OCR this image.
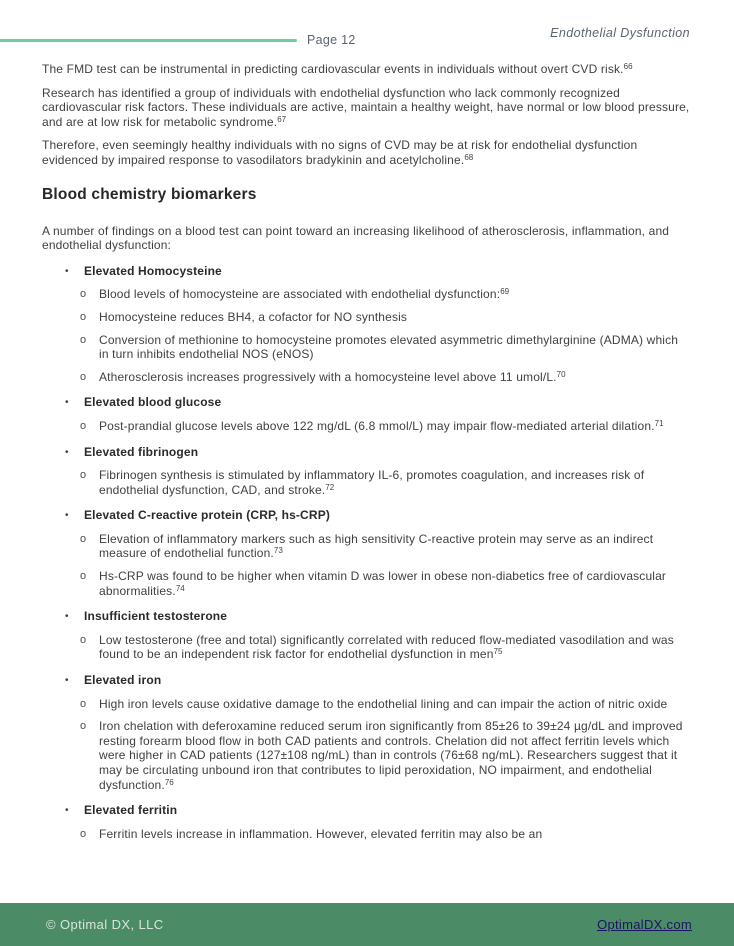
Page 12	Endothelial Dysfunction

The FMD test can be instrumental in predicting cardiovascular events in individuals without overt CVD risk.$^{66}$

Research has identified a group of individuals with endothelial dysfunction who lack commonly recognized cardiovascular risk factors. These individuals are active, maintain a healthy weight, have normal or low blood pressure, and are at low risk for metabolic syndrome.$^{67}$

Therefore, even seemingly healthy individuals with no signs of CVD may be at risk for endothelial dysfunction evidenced by impaired response to vasodilators bradykinin and acetylcholine.$^{68}$

Blood chemistry biomarkers

A number of findings on a blood test can point toward an increasing likelihood of atherosclerosis, inflammation, and endothelial dysfunction:

•	Elevated Homocysteine
o	Blood levels of homocysteine are associated with endothelial dysfunction:$^{69}$
o	Homocysteine reduces BH4, a cofactor for NO synthesis
o	Conversion of methionine to homocysteine promotes elevated asymmetric dimethylarginine (ADMA) which in turn inhibits endothelial NOS (eNOS)
o	Atherosclerosis increases progressively with a homocysteine level above 11 umol/L.$^{70}$
•	Elevated blood glucose
o	Post-prandial glucose levels above 122 mg/dL (6.8 mmol/L) may impair flow-mediated arterial dilation.$^{71}$
•	Elevated fibrinogen
o	Fibrinogen synthesis is stimulated by inflammatory IL-6, promotes coagulation, and increases risk of endothelial dysfunction, CAD, and stroke.$^{72}$
•	Elevated C-reactive protein (CRP, hs-CRP)
o	Elevation of inflammatory markers such as high sensitivity C-reactive protein may serve as an indirect measure of endothelial function.$^{73}$
o	Hs-CRP was found to be higher when vitamin D was lower in obese non-diabetics free of cardiovascular abnormalities.$^{74}$
•	Insufficient testosterone
o	Low testosterone (free and total) significantly correlated with reduced flow-mediated vasodilation and was found to be an independent risk factor for endothelial dysfunction in men$^{75}$
•	Elevated iron
o	High iron levels cause oxidative damage to the endothelial lining and can impair the action of nitric oxide
o	Iron chelation with deferoxamine reduced serum iron significantly from 85±26 to 39±24 µg/dL and improved resting forearm blood flow in both CAD patients and controls. Chelation did not affect ferritin levels which were higher in CAD patients (127±108 ng/mL) than in controls (76±68 ng/mL). Researchers suggest that it may be circulating unbound iron that contributes to lipid peroxidation, NO impairment, and endothelial dysfunction.$^{76}$
•	Elevated ferritin
o	Ferritin levels increase in inflammation. However, elevated ferritin may also be an
© Optimal DX, LLC	OptimalDX.com
